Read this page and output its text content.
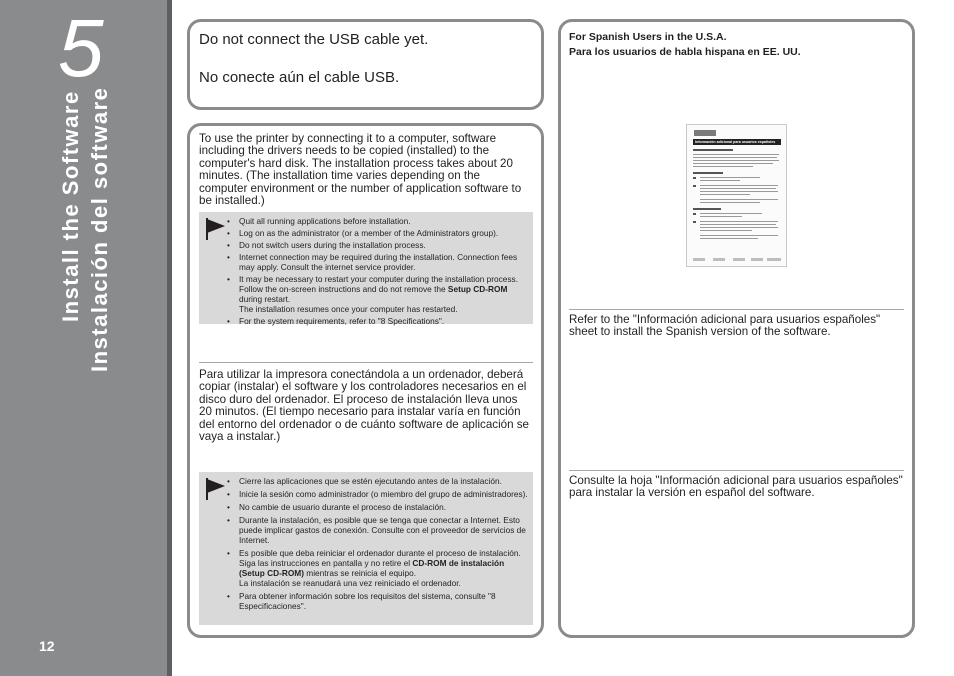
5
Install the Software Instalación del software
12

Do not connect the USB cable yet.

No conecte aún el cable USB.

To use the printer by connecting it to a computer, software including the drivers needs to be copied (installed) to the computer's hard disk. The installation process takes about 20 minutes. (The installation time varies depending on the computer environment or the number of application software to be installed.)

• Quit all running applications before installation.
• Log on as the administrator (or a member of the Administrators group).
• Do not switch users during the installation process.
• Internet connection may be required during the installation. Connection fees may apply. Consult the internet service provider.
• It may be necessary to restart your computer during the installation process. Follow the on-screen instructions and do not remove the Setup CD-ROM during restart.
The installation resumes once your computer has restarted.
• For the system requirements, refer to "8 Specifications".

Para utilizar la impresora conectándola a un ordenador, deberá copiar (instalar) el software y los controladores necesarios en el disco duro del ordenador. El proceso de instalación lleva unos 20 minutos. (El tiempo necesario para instalar varía en función del entorno del ordenador o de cuánto software de aplicación se vaya a instalar.)

• Cierre las aplicaciones que se estén ejecutando antes de la instalación.
• Inicie la sesión como administrador (o miembro del grupo de administradores).
• No cambie de usuario durante el proceso de instalación.
• Durante la instalación, es posible que se tenga que conectar a Internet. Esto puede implicar gastos de conexión. Consulte con el proveedor de servicios de Internet.
• Es posible que deba reiniciar el ordenador durante el proceso de instalación. Siga las instrucciones en pantalla y no retire el CD-ROM de instalación (Setup CD-ROM) mientras se reinicia el equipo.
La instalación se reanudará una vez reiniciado el ordenador.
• Para obtener información sobre los requisitos del sistema, consulte "8 Especificaciones".

For Spanish Users in the U.S.A.

Para los usuarios de habla hispana en EE. UU.

Información adicional para usuarios españoles

Refer to the "Información adicional para usuarios españoles" sheet to install the Spanish version of the software.

Consulte la hoja "Información adicional para usuarios españoles" para instalar la versión en español del software.
